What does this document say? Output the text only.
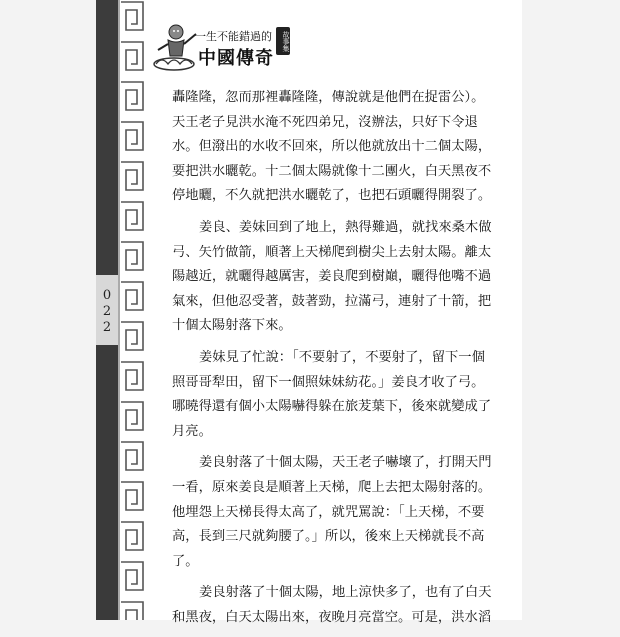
022
一生不能錯過的
中國傳奇
故事集
轟隆隆，忽而那裡轟隆隆，傳說就是他們在捉雷公）。
天王老子見洪水淹不死四弟兄，沒辦法，只好下令退
水。但潑出的水收不回來，所以他就放出十二個太陽，
要把洪水曬乾。十二個太陽就像十二團火，白天黑夜不
停地曬，不久就把洪水曬乾了，也把石頭曬得開裂了。
姜良、姜妹回到了地上，熱得難過，就找來桑木做
弓、矢竹做箭，順著上天梯爬到樹尖上去射太陽。離太
陽越近，就曬得越厲害，姜良爬到樹巔，曬得他嘴不過
氣來，但他忍受著，鼓著勁，拉滿弓，連射了十箭，把
十個太陽射落下來。
姜妹見了忙說：「不要射了，不要射了，留下一個
照哥哥犁田，留下一個照妹妹紡花。」姜良才收了弓。
哪曉得還有個小太陽嚇得躲在旅茇葉下，後來就變成了
月亮。
姜良射落了十個太陽，天王老子嚇壞了，打開天門
一看，原來姜良是順著上天梯，爬上去把太陽射落的。
他埋怨上天梯長得太高了，就咒罵說：「上天梯，不要
高，長到三尺就夠腰了。」所以，後來上天梯就長不高
了。
姜良射落了十個太陽，地上涼快多了，也有了白天
和黑夜，白天太陽出來，夜晚月亮當空。可是，洪水滔
